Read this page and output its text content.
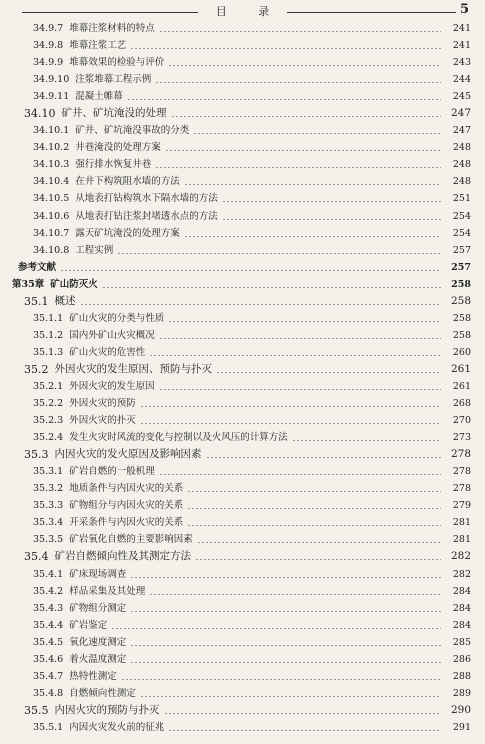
目 录	5
34.9.7 堆幕注浆材料的特点	241
34.9.8 堆幕注浆工艺	241
34.9.9 堆幕效果的检验与评价	243
34.9.10 注浆堆幕工程示例	244
34.9.11 混凝土帷幕	245
34.10 矿井、矿坑淹没的处理	247
34.10.1 矿井、矿坑淹没事故的分类	247
34.10.2 井巷淹没的处理方案	248
34.10.3 强行排水恢复井巷	248
34.10.4 在井下构筑阻水墙的方法	248
34.10.5 从地表打钻构筑水下隔水墙的方法	251
34.10.6 从地表打钻注浆封堵透水点的方法	254
34.10.7 露天矿坑淹没的处理方案	254
34.10.8 工程实例	257
参考文献	257
第35章 矿山防灭火	258
35.1 概述	258
35.1.1 矿山火灾的分类与性质	258
35.1.2 国内外矿山火灾概况	258
35.1.3 矿山火灾的危害性	260
35.2 外因火灾的发生原因、预防与扑灭	261
35.2.1 外因火灾的发生原因	261
35.2.2 外因火灾的预防	268
35.2.3 外因火灾的扑灭	270
35.2.4 发生火灾时风流的变化与控制以及火风压的计算方法	273
35.3 内因火灾的发火原因及影响因素	278
35.3.1 矿岩自燃的一般机理	278
35.3.2 地质条件与内因火灾的关系	278
35.3.3 矿物组分与内因火灾的关系	279
35.3.4 开采条件与内因火灾的关系	281
35.3.5 矿岩氧化自燃的主要影响因素	281
35.4 矿岩自燃倾向性及其测定方法	282
35.4.1 矿床现场调查	282
35.4.2 样品采集及其处理	284
35.4.3 矿物组分测定	284
35.4.4 矿岩鉴定	284
35.4.5 氧化速度测定	285
35.4.6 着火温度测定	286
35.4.7 热特性测定	288
35.4.8 自燃倾向性测定	289
35.5 内因火灾的预防与扑灭	290
35.5.1 内因火灾发火前的征兆	291
